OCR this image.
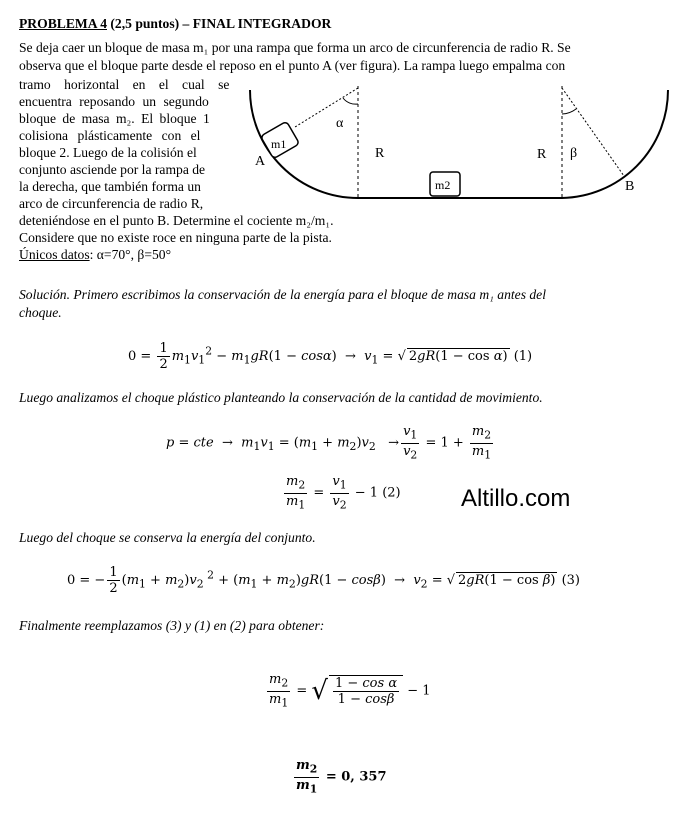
PROBLEMA 4 (2,5 puntos) – FINAL INTEGRADOR
Se deja caer un bloque de masa m₁ por una rampa que forma un arco de circunferencia de radio R. Se
observa que el bloque parte desde el reposo en el punto A (ver figura). La rampa luego empalma con
tramo horizontal en el cual se
encuentra reposando un segundo
bloque de masa m₂. El bloque 1
colisiona plásticamente con el
bloque 2. Luego de la colisión el
conjunto asciende por la rampa de
la derecha, que también forma un
arco de circunferencia de radio R,
deteniéndose en el punto B. Determine el cociente m₂/m₁.
Considere que no existe roce en ninguna parte de la pista.
Únicos datos: α=70°, β=50°
m1
m2
A
B
R	R
α
β
Solución. Primero escribimos la conservación de la energía para el bloque de masa m₁ antes del
choque.
$0 = \frac{1}{2} m_1v_1^2 - m_1gR(1 - \cos\alpha) \to v_1$ = √ 2gR(1 − cos α) (1)
Luego analizamos el choque plástico planteando la conservación de la cantidad de movimiento.
p = cte  →  $m_1v_1 = (m_1 + m_2)v_2 \to \frac{v_1}{v_2} = 1 + \frac{m_2}{m_1}$
$\frac{m_2}{m_1} = \frac{v_1}{v_2} - 1$ (2)	Altillo.com
Luego del choque se conserva la energía del conjunto.
0 = − $\frac{1}{2} (m_1 + m_2)v_2$ $^2 + (m_1 + m_2)gR(1 - \cos\beta) \to v_2$ = √ 2gR(1 − cos β) (3)
Finalmente reemplazamos (3) y (1) en (2) para obtener:
$\frac{m_2}{m_1}$ = √ $\frac{\text{1 − cos α}}{1 - \cos\beta} - 1$
$\frac{m_2}{m_1} = 0$, 357
